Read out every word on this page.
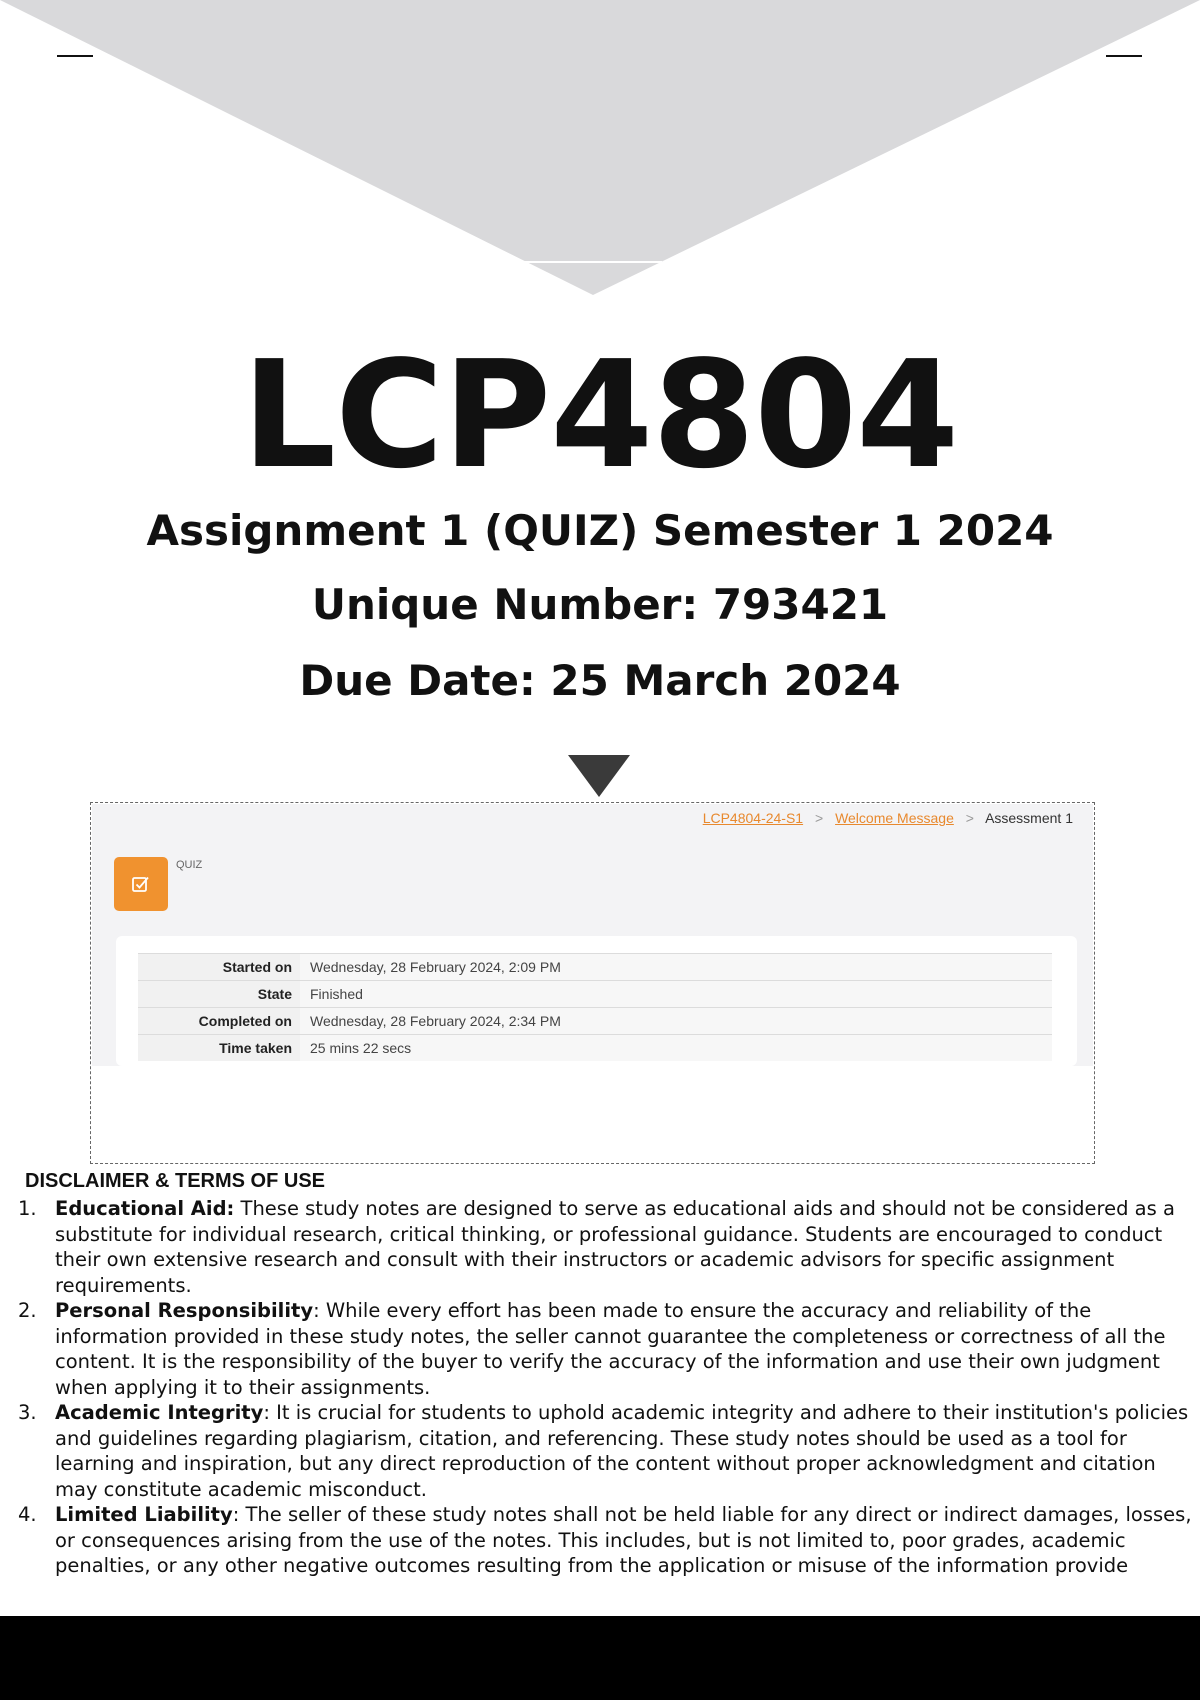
LCP4804
Assignment 1 (QUIZ) Semester 1 2024
Unique Number: 793421
Due Date: 25 March 2024
LCP4804-24-S1 > Welcome Message > Assessment 1
QUIZ
Started on	Wednesday, 28 February 2024, 2:09 PM
State	Finished
Completed on	Wednesday, 28 February 2024, 2:34 PM
Time taken	25 mins 22 secs
DISCLAIMER & TERMS OF USE
1. Educational Aid: These study notes are designed to serve as educational aids and should not be considered as a substitute for individual research, critical thinking, or professional guidance. Students are encouraged to conduct their own extensive research and consult with their instructors or academic advisors for specific assignment requirements.
2. Personal Responsibility: While every effort has been made to ensure the accuracy and reliability of the information provided in these study notes, the seller cannot guarantee the completeness or correctness of all the content. It is the responsibility of the buyer to verify the accuracy of the information and use their own judgment when applying it to their assignments.
3. Academic Integrity: It is crucial for students to uphold academic integrity and adhere to their institution's policies and guidelines regarding plagiarism, citation, and referencing. These study notes should be used as a tool for learning and inspiration, but any direct reproduction of the content without proper acknowledgment and citation may constitute academic misconduct.
4. Limited Liability: The seller of these study notes shall not be held liable for any direct or indirect damages, losses, or consequences arising from the use of the notes. This includes, but is not limited to, poor grades, academic penalties, or any other negative outcomes resulting from the application or misuse of the information provide
